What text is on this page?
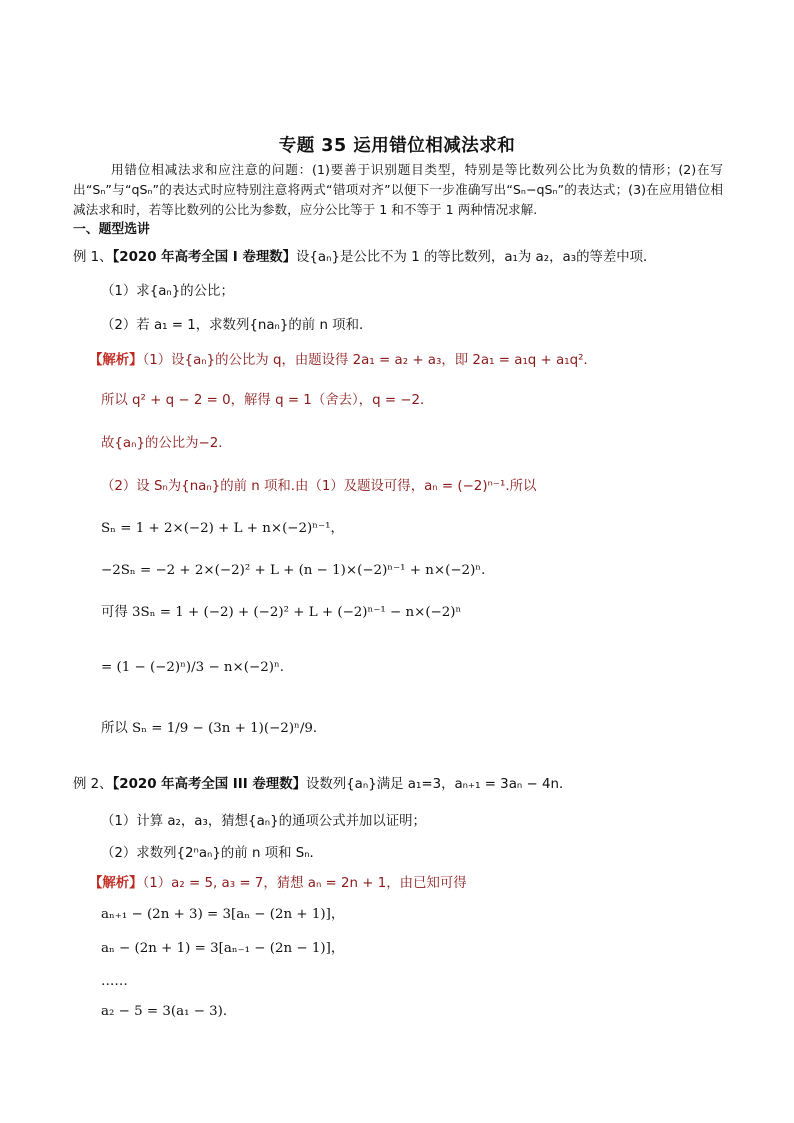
专题 35 运用错位相减法求和
用错位相减法求和应注意的问题：(1)要善于识别题目类型，特别是等比数列公比为负数的情形；(2)在写出“Sₙ”与“qSₙ”的表达式时应特别注意将两式“错项对齐”以便下一步准确写出“Sₙ−qSₙ”的表达式；(3)在应用错位相减法求和时，若等比数列的公比为参数，应分公比等于 1 和不等于 1 两种情况求解.
一、题型选讲
例 1、【2020 年高考全国 I 卷理数】设{aₙ}是公比不为 1 的等比数列，a₁为 a₂，a₃的等差中项．
（1）求{aₙ}的公比；
（2）若 a₁ = 1，求数列{naₙ}的前 n 项和．
【解析】（1）设{aₙ}的公比为 q，由题设得 2a₁ = a₂ + a₃，即 2a₁ = a₁q + a₁q²．
所以 q² + q − 2 = 0，解得 q = 1（舍去），q = −2．
故{aₙ}的公比为−2．
（2）设 Sₙ为{naₙ}的前 n 项和.由（1）及题设可得，aₙ = (−2)ⁿ⁻¹.所以
Sₙ = 1 + 2×(−2) + L + n×(−2)ⁿ⁻¹，
−2Sₙ = −2 + 2×(−2)² + L + (n − 1)×(−2)ⁿ⁻¹ + n×(−2)ⁿ．
可得 3Sₙ = 1 + (−2) + (−2)² + L + (−2)ⁿ⁻¹ − n×(−2)ⁿ
= (1 − (−2)ⁿ)/3 − n×(−2)ⁿ.
所以 Sₙ = 1/9 − (3n + 1)(−2)ⁿ/9．
例 2、【2020 年高考全国 III 卷理数】设数列{aₙ}满足 a₁=3，aₙ₊₁ = 3aₙ − 4n．
（1）计算 a₂，a₃，猜想{aₙ}的通项公式并加以证明；
（2）求数列{2ⁿaₙ}的前 n 项和 Sₙ．
【解析】（1）a₂ = 5, a₃ = 7，猜想 aₙ = 2n + 1，由已知可得
aₙ₊₁ − (2n + 3) = 3[aₙ − (2n + 1)]，
aₙ − (2n + 1) = 3[aₙ₋₁ − (2n − 1)]，
……
a₂ − 5 = 3(a₁ − 3)．
